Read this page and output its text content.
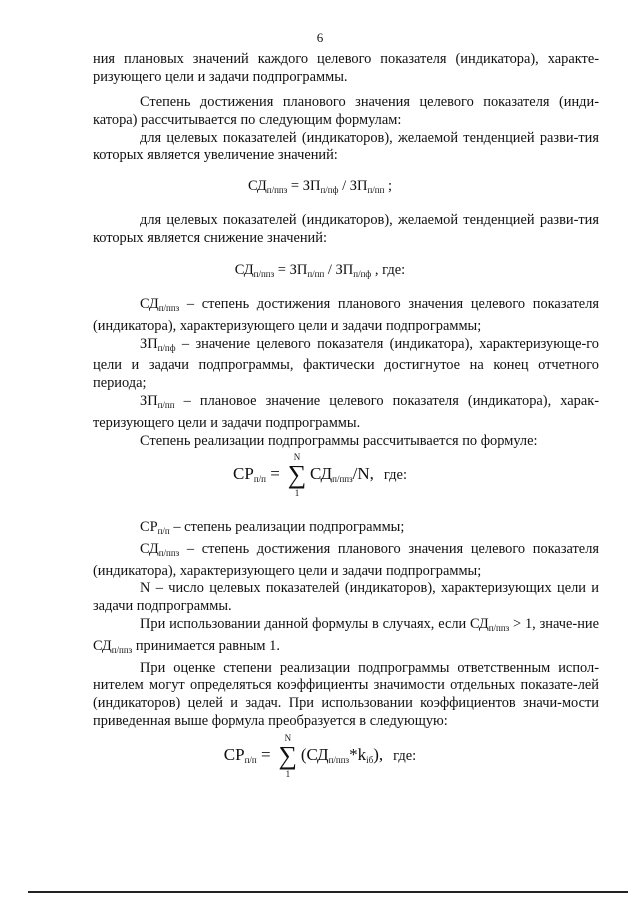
6

ния плановых значений каждого целевого показателя (индикатора), характе-ризующего цели и задачи подпрограммы.

Степень достижения планового значения целевого показателя (инди-катора) рассчитывается по следующим формулам:

для целевых показателей (индикаторов), желаемой тенденцией разви-тия которых является увеличение значений:

$СД_{п/ппз} = ЗП_{п/пф} / ЗП_{п/пп}$ ;

для целевых показателей (индикаторов), желаемой тенденцией разви-тия которых является снижение значений:

$СД_{п/ппз} = ЗП_{п/пп} / ЗП_{п/пф}$ , где:

$СД_{п/ппз}$ – степень достижения планового значения целевого показателя (индикатора), характеризующего цели и задачи подпрограммы;

$ЗП_{п/пф}$ – значение целевого показателя (индикатора), характеризующе-го цели и задачи подпрограммы, фактически достигнутое на конец отчетного периода;

$ЗП_{п/пп}$ – плановое значение целевого показателя (индикатора), харак-теризующего цели и задачи подпрограммы.

Степень реализации подпрограммы рассчитывается по формуле:

$СР_{п/п}$ =
N
∑
1
$СД_{п/ппз}/N$, где:

$СР_{п/п}$ – степень реализации подпрограммы;

$СД_{п/ппз}$ – степень достижения планового значения целевого показателя (индикатора), характеризующего цели и задачи подпрограммы;

N – число целевых показателей (индикаторов), характеризующих цели и задачи подпрограммы.

При использовании данной формулы в случаях, если $СД_{п/ппз} > 1$, значе-ние $СД_{п/ппз}$ принимается равным 1.

При оценке степени реализации подпрограммы ответственным испол-нителем могут определяться коэффициенты значимости отдельных показате-лей (индикаторов) целей и задач. При использовании коэффициентов значи-мости приведенная выше формула преобразуется в следующую:

$СР_{п/п}$ =
N
∑
1
$(СД_{п/ппз}*k_{iб})$, где:
